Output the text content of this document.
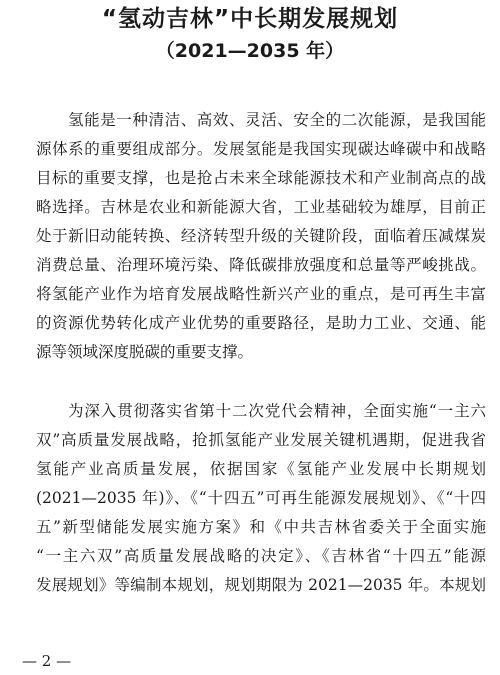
“氢动吉林”中长期发展规划
（2021—2035 年）
氢能是一种清洁、高效、灵活、安全的二次能源，是我国能
源体系的重要组成部分。发展氢能是我国实现碳达峰碳中和战略
目标的重要支撑，也是抢占未来全球能源技术和产业制高点的战
略选择。吉林是农业和新能源大省，工业基础较为雄厚，目前正
处于新旧动能转换、经济转型升级的关键阶段，面临着压减煤炭
消费总量、治理环境污染、降低碳排放强度和总量等严峻挑战。
将氢能产业作为培育发展战略性新兴产业的重点，是可再生丰富
的资源优势转化成产业优势的重要路径，是助力工业、交通、能
源等领域深度脱碳的重要支撑。
为深入贯彻落实省第十二次党代会精神，全面实施“一主六
双”高质量发展战略，抢抓氢能产业发展关键机遇期，促进我省
氢能产业高质量发展，依据国家《氢能产业发展中长期规划
(2021—2035 年)》、《“十四五”可再生能源发展规划》、《“十四
五”新型储能发展实施方案》和《中共吉林省委关于全面实施
“一主六双”高质量发展战略的决定》、《吉林省“十四五”能源
发展规划》等编制本规划，规划期限为 2021—2035 年。本规划
— 2 —
